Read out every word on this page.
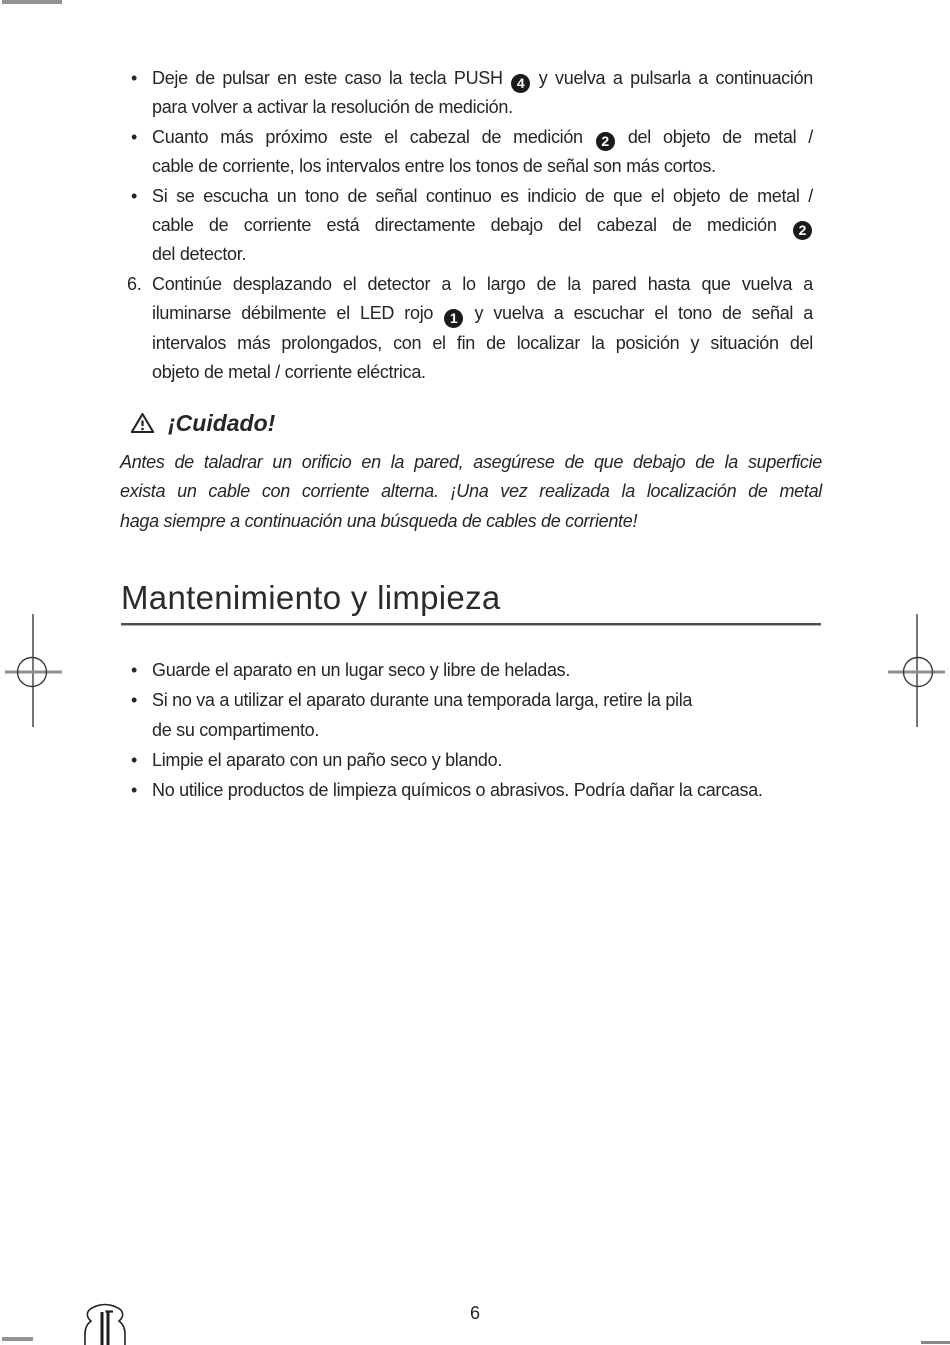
• Deje de pulsar en este caso la tecla PUSH 4 y vuelva a pulsarla a continuación
para volver a activar la resolución de medición.
• Cuanto más próximo este el cabezal de medición 2 del objeto de metal /
cable de corriente, los intervalos entre los tonos de señal son más cortos.
• Si se escucha un tono de señal continuo es indicio de que el objeto de metal /
cable de corriente está directamente debajo del cabezal de medición 2
del detector.
6. Continúe desplazando el detector a lo largo de la pared hasta que vuelva a
iluminarse débilmente el LED rojo 1 y vuelva a escuchar el tono de señal a
intervalos más prolongados, con el fin de localizar la posición y situación del
objeto de metal / corriente eléctrica.
¡Cuidado!
Antes de taladrar un orificio en la pared, asegúrese de que debajo de la superficie
exista un cable con corriente alterna. ¡Una vez realizada la localización de metal
haga siempre a continuación una búsqueda de cables de corriente!
Mantenimiento y limpieza
• Guarde el aparato en un lugar seco y libre de heladas.
• Si no va a utilizar el aparato durante una temporada larga, retire la pila
de su compartimento.
• Limpie el aparato con un paño seco y blando.
• No utilice productos de limpieza químicos o abrasivos. Podría dañar la carcasa.
6
